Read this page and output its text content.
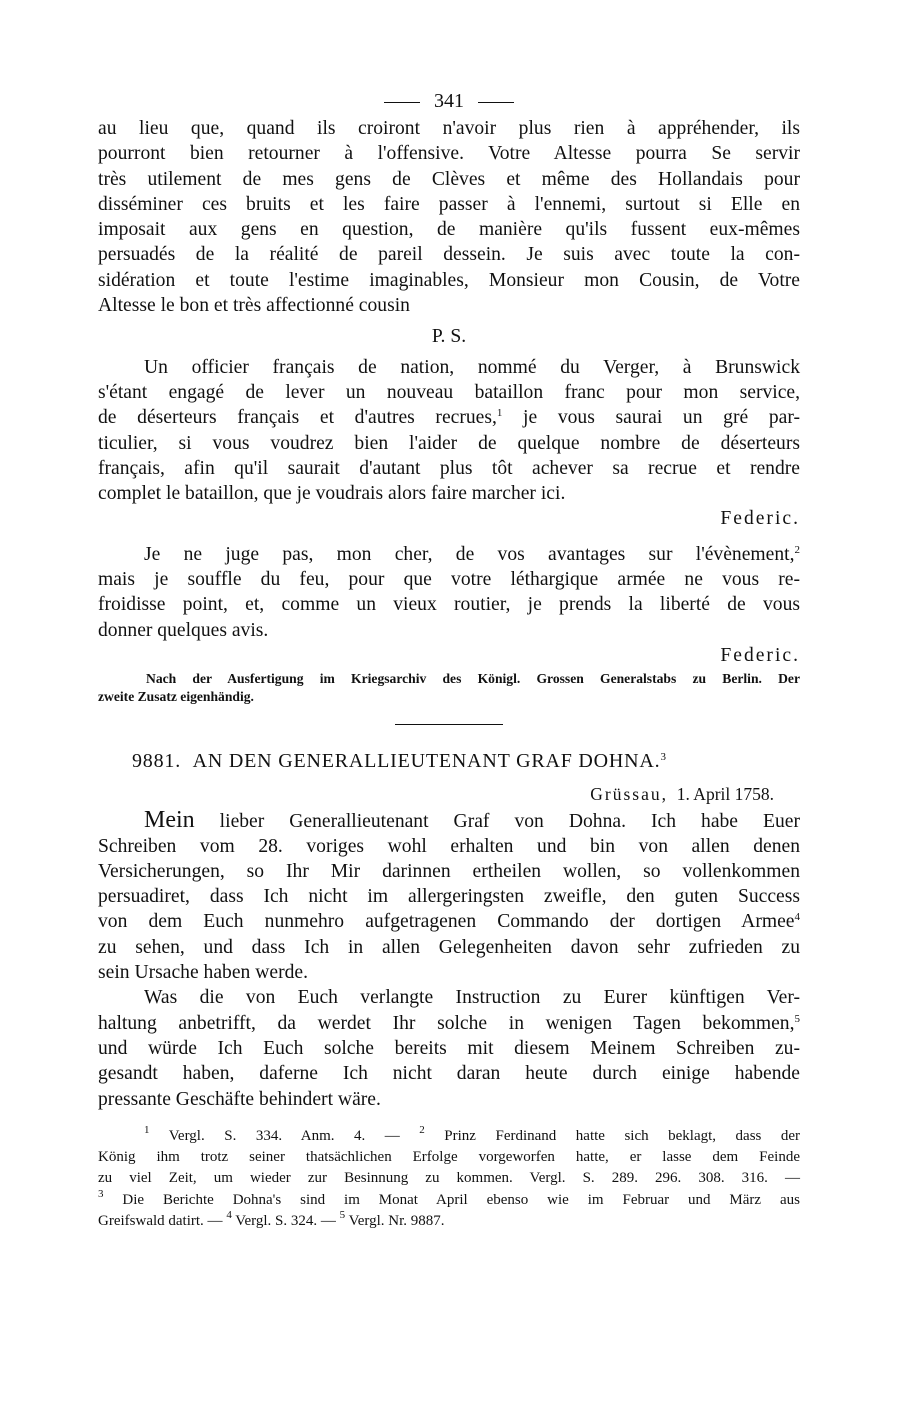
341
au lieu que, quand ils croiront n'avoir plus rien à appréhender, ils
pourront bien retourner à l'offensive. Votre Altesse pourra Se servir
très utilement de mes gens de Clèves et même des Hollandais pour
disséminer ces bruits et les faire passer à l'ennemi, surtout si Elle en
imposait aux gens en question, de manière qu'ils fussent eux-mêmes
persuadés de la réalité de pareil dessein. Je suis avec toute la con-
sidération et toute l'estime imaginables, Monsieur mon Cousin, de Votre
Altesse le bon et très affectionné cousin
P. S.
Un officier français de nation, nommé du Verger, à Brunswick
s'étant engagé de lever un nouveau bataillon franc pour mon service,
de déserteurs français et d'autres recrues,$^1$ je vous saurai un gré par-
ticulier, si vous voudrez bien l'aider de quelque nombre de déserteurs
français, afin qu'il saurait d'autant plus tôt achever sa recrue et rendre
complet le bataillon, que je voudrais alors faire marcher ici.
Federic.
Je ne juge pas, mon cher, de vos avantages sur l'évènement,$^2$
mais je souffle du feu, pour que votre léthargique armée ne vous re-
froidisse point, et, comme un vieux routier, je prends la liberté de vous
donner quelques avis.
Federic.
Nach der Ausfertigung im Kriegsarchiv des Königl. Grossen Generalstabs zu Berlin. Der
zweite Zusatz eigenhändig.
9881. AN DEN GENERALLIEUTENANT GRAF DOHNA.$^3$
Grüssau, 1. April 1758.
Mein lieber Generallieutenant Graf von Dohna. Ich habe Euer
Schreiben vom 28. voriges wohl erhalten und bin von allen denen
Versicherungen, so Ihr Mir darinnen ertheilen wollen, so vollenkommen
persuadiret, dass Ich nicht im allergeringsten zweifle, den guten Success
von dem Euch nunmehro aufgetragenen Commando der dortigen Armee$^4$
zu sehen, und dass Ich in allen Gelegenheiten davon sehr zufrieden zu
sein Ursache haben werde.
Was die von Euch verlangte Instruction zu Eurer künftigen Ver-
haltung anbetrifft, da werdet Ihr solche in wenigen Tagen bekommen,$^5$
und würde Ich Euch solche bereits mit diesem Meinem Schreiben zu-
gesandt haben, daferne Ich nicht daran heute durch einige habende
pressante Geschäfte behindert wäre.
$^1$ Vergl. S. 334. Anm. 4. — $^2$ Prinz Ferdinand hatte sich beklagt, dass der
König ihm trotz seiner thatsächlichen Erfolge vorgeworfen hatte, er lasse dem Feinde
zu viel Zeit, um wieder zur Besinnung zu kommen. Vergl. S. 289. 296. 308. 316. —
$^3$ Die Berichte Dohna's sind im Monat April ebenso wie im Februar und März aus
Greifswald datirt. — $^4$ Vergl. S. 324. — $^5$ Vergl. Nr. 9887.
